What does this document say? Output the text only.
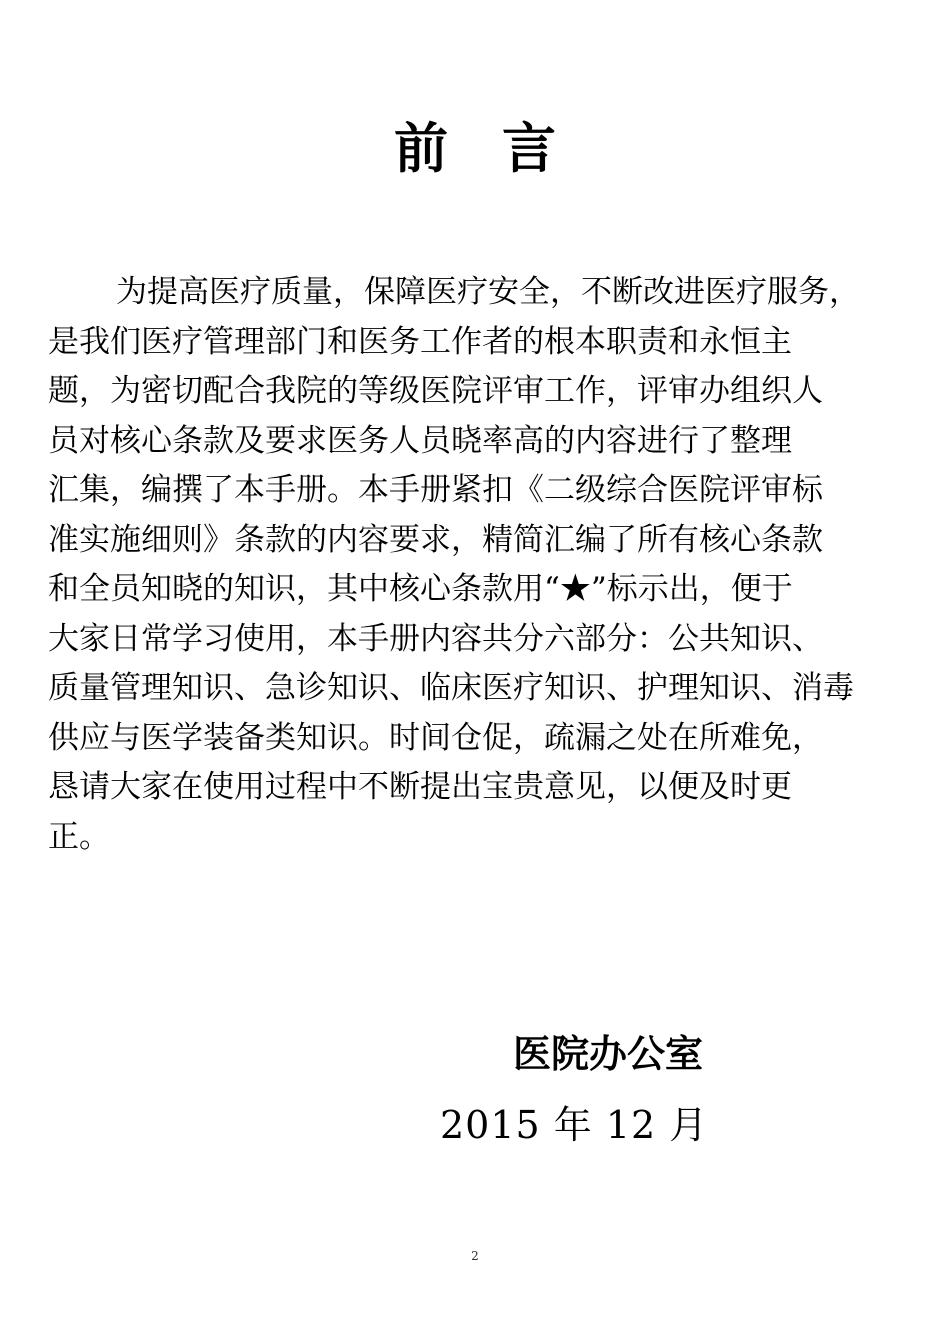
前言
为提高医疗质量，保障医疗安全，不断改进医疗服务，
是我们医疗管理部门和医务工作者的根本职责和永恒主
题，为密切配合我院的等级医院评审工作，评审办组织人
员对核心条款及要求医务人员晓率高的内容进行了整理
汇集，编撰了本手册。本手册紧扣《二级综合医院评审标
准实施细则》条款的内容要求，精简汇编了所有核心条款
和全员知晓的知识，其中核心条款用“★”标示出，便于
大家日常学习使用，本手册内容共分六部分：公共知识、
质量管理知识、急诊知识、临床医疗知识、护理知识、消毒
供应与医学装备类知识。时间仓促，疏漏之处在所难免，
恳请大家在使用过程中不断提出宝贵意见，以便及时更
正。
医院办公室
2015 年 12 月
2
